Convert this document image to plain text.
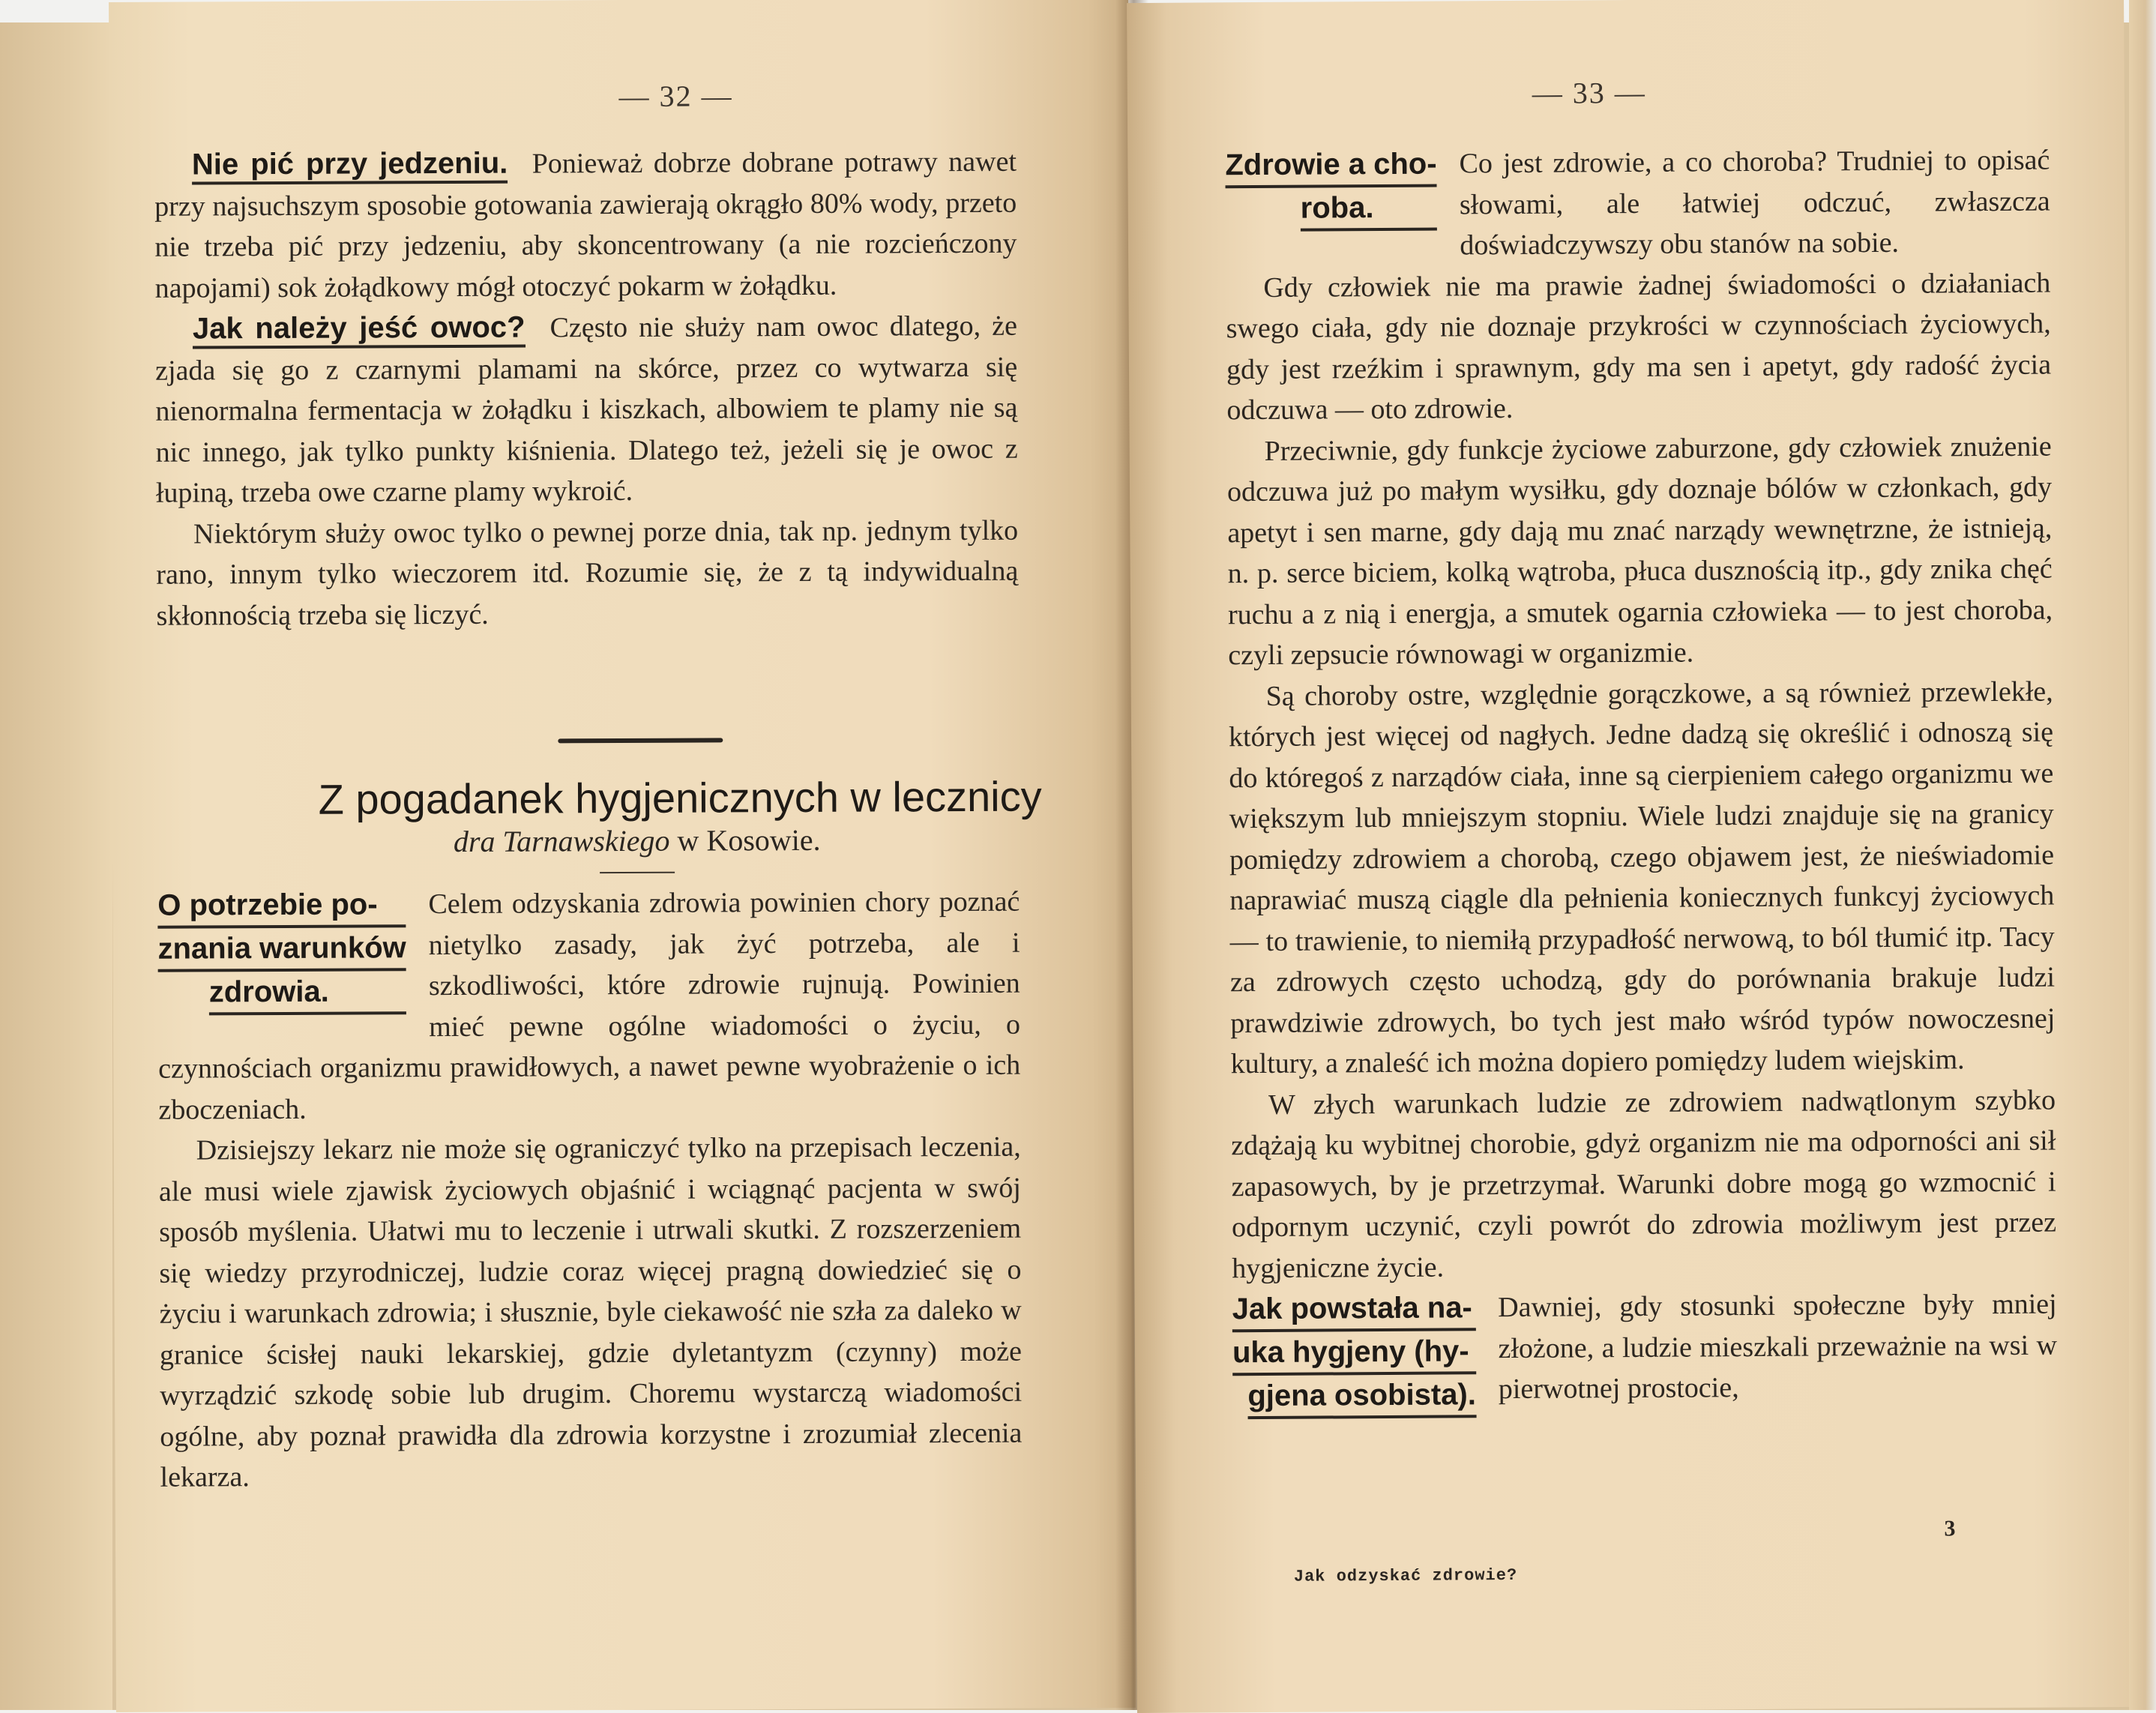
— 32 —

Nie pić przy jedzeniu. Ponieważ dobrze dobrane potrawy nawet przy najsuchszym sposobie gotowania zawierają okrągło 80% wody, przeto nie trzeba pić przy jedzeniu, aby skoncentrowany (a nie rozcieńczony napojami) sok żołądkowy mógł otoczyć pokarm w żołądku.

Jak należy jeść owoc? Często nie służy nam owoc dlatego, że zjada się go z czarnymi plamami na skórce, przez co wytwarza się nienormalna fermentacja w żołądku i kiszkach, albowiem te plamy nie są nic innego, jak tylko punkty kiśnienia. Dlatego też, jeżeli się je owoc z łupiną, trzeba owe czarne plamy wykroić.

Niektórym służy owoc tylko o pewnej porze dnia, tak np. jednym tylko rano, innym tylko wieczorem itd. Rozumie się, że z tą indywidualną skłonnością trzeba się liczyć.

Z pogadanek hygjenicznych w lecznicy
dra Tarnawskiego w Kosowie.
O potrzebie po-
znania warunków
zdrowia.

Celem odzyskania zdrowia powinien chory poznać nietylko zasady, jak żyć potrzeba, ale i szkodliwości, które zdrowie rujnują. Powinien mieć pewne ogólne wiadomości o życiu, o czynnościach organizmu prawidłowych, a nawet pewne wyobrażenie o ich zboczeniach.

Dzisiejszy lekarz nie może się ograniczyć tylko na przepisach leczenia, ale musi wiele zjawisk życiowych objaśnić i wciągnąć pacjenta w swój sposób myślenia. Ułatwi mu to leczenie i utrwali skutki. Z rozszerzeniem się wiedzy przyrodniczej, ludzie coraz więcej pragną dowiedzieć się o życiu i warunkach zdrowia; i słusznie, byle ciekawość nie szła za daleko w granice ścisłej nauki lekarskiej, gdzie dyletantyzm (czynny) może wyrządzić szkodę sobie lub drugim. Choremu wystarczą wiadomości ogólne, aby poznał prawidła dla zdrowia korzystne i zrozumiał zlecenia lekarza.

— 33 —
Zdrowie a cho-
roba.

Co jest zdrowie, a co choroba? Trudniej to opisać słowami, ale łatwiej odczuć, zwłaszcza doświadczywszy obu stanów na sobie.

Gdy człowiek nie ma prawie żadnej świadomości o działaniach swego ciała, gdy nie doznaje przykrości w czynnościach życiowych, gdy jest rzeźkim i sprawnym, gdy ma sen i apetyt, gdy radość życia odczuwa — oto zdrowie.

Przeciwnie, gdy funkcje życiowe zaburzone, gdy człowiek znużenie odczuwa już po małym wysiłku, gdy doznaje bólów w członkach, gdy apetyt i sen marne, gdy dają mu znać narządy wewnętrzne, że istnieją, n. p. serce biciem, kolką wątroba, płuca dusznością itp., gdy znika chęć ruchu a z nią i energja, a smutek ogarnia człowieka — to jest choroba, czyli zepsucie równowagi w organizmie.

Są choroby ostre, względnie gorączkowe, a są również przewlekłe, których jest więcej od nagłych. Jedne dadzą się określić i odnoszą się do któregoś z narządów ciała, inne są cierpieniem całego organizmu we większym lub mniejszym stopniu. Wiele ludzi znajduje się na granicy pomiędzy zdrowiem a chorobą, czego objawem jest, że nieświadomie naprawiać muszą ciągle dla pełnienia koniecznych funkcyj życiowych — to trawienie, to niemiłą przypadłość nerwową, to ból tłumić itp. Tacy za zdrowych często uchodzą, gdy do porównania brakuje ludzi prawdziwie zdrowych, bo tych jest mało wśród typów nowoczesnej kultury, a znaleść ich można dopiero pomiędzy ludem wiejskim.

W złych warunkach ludzie ze zdrowiem nadwątlonym szybko zdążają ku wybitnej chorobie, gdyż organizm nie ma odporności ani sił zapasowych, by je przetrzymał. Warunki dobre mogą go wzmocnić i odpornym uczynić, czyli powrót do zdrowia możliwym jest przez hygjeniczne życie.

Jak powstała na-
uka hygjeny (hy-
gjena osobista).

Dawniej, gdy stosunki społeczne były mniej złożone, a ludzie mieszkali przeważnie na wsi w pierwotnej prostocie,

3
Jak odzyskać zdrowie?
